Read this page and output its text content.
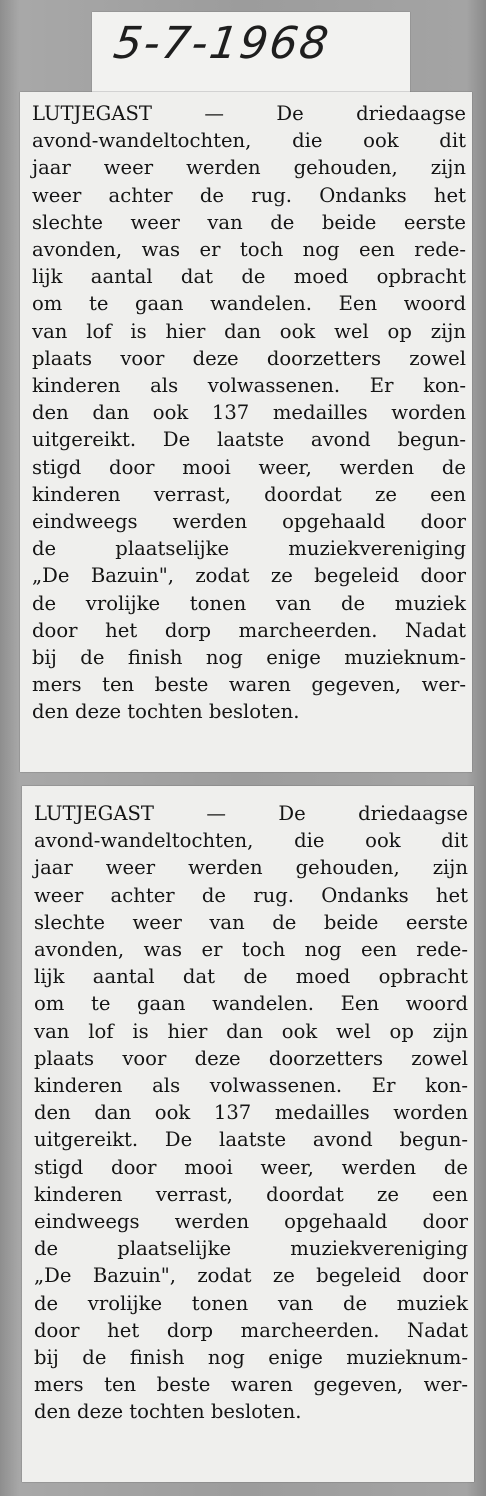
5-7-1968
LUTJEGAST — De driedaagse
avond-wandeltochten, die ook dit
jaar weer werden gehouden, zijn
weer achter de rug. Ondanks het
slechte weer van de beide eerste
avonden, was er toch nog een rede-
lijk aantal dat de moed opbracht
om te gaan wandelen. Een woord
van lof is hier dan ook wel op zijn
plaats voor deze doorzetters zowel
kinderen als volwassenen. Er kon-
den dan ook 137 medailles worden
uitgereikt. De laatste avond begun-
stigd door mooi weer, werden de
kinderen verrast, doordat ze een
eindweegs werden opgehaald door
de plaatselijke muziekvereniging
„De Bazuin", zodat ze begeleid door
de vrolijke tonen van de muziek
door het dorp marcheerden. Nadat
bij de finish nog enige muzieknum-
mers ten beste waren gegeven, wer-
den deze tochten besloten.
LUTJEGAST — De driedaagse
avond-wandeltochten, die ook dit
jaar weer werden gehouden, zijn
weer achter de rug. Ondanks het
slechte weer van de beide eerste
avonden, was er toch nog een rede-
lijk aantal dat de moed opbracht
om te gaan wandelen. Een woord
van lof is hier dan ook wel op zijn
plaats voor deze doorzetters zowel
kinderen als volwassenen. Er kon-
den dan ook 137 medailles worden
uitgereikt. De laatste avond begun-
stigd door mooi weer, werden de
kinderen verrast, doordat ze een
eindweegs werden opgehaald door
de plaatselijke muziekvereniging
„De Bazuin", zodat ze begeleid door
de vrolijke tonen van de muziek
door het dorp marcheerden. Nadat
bij de finish nog enige muzieknum-
mers ten beste waren gegeven, wer-
den deze tochten besloten.
